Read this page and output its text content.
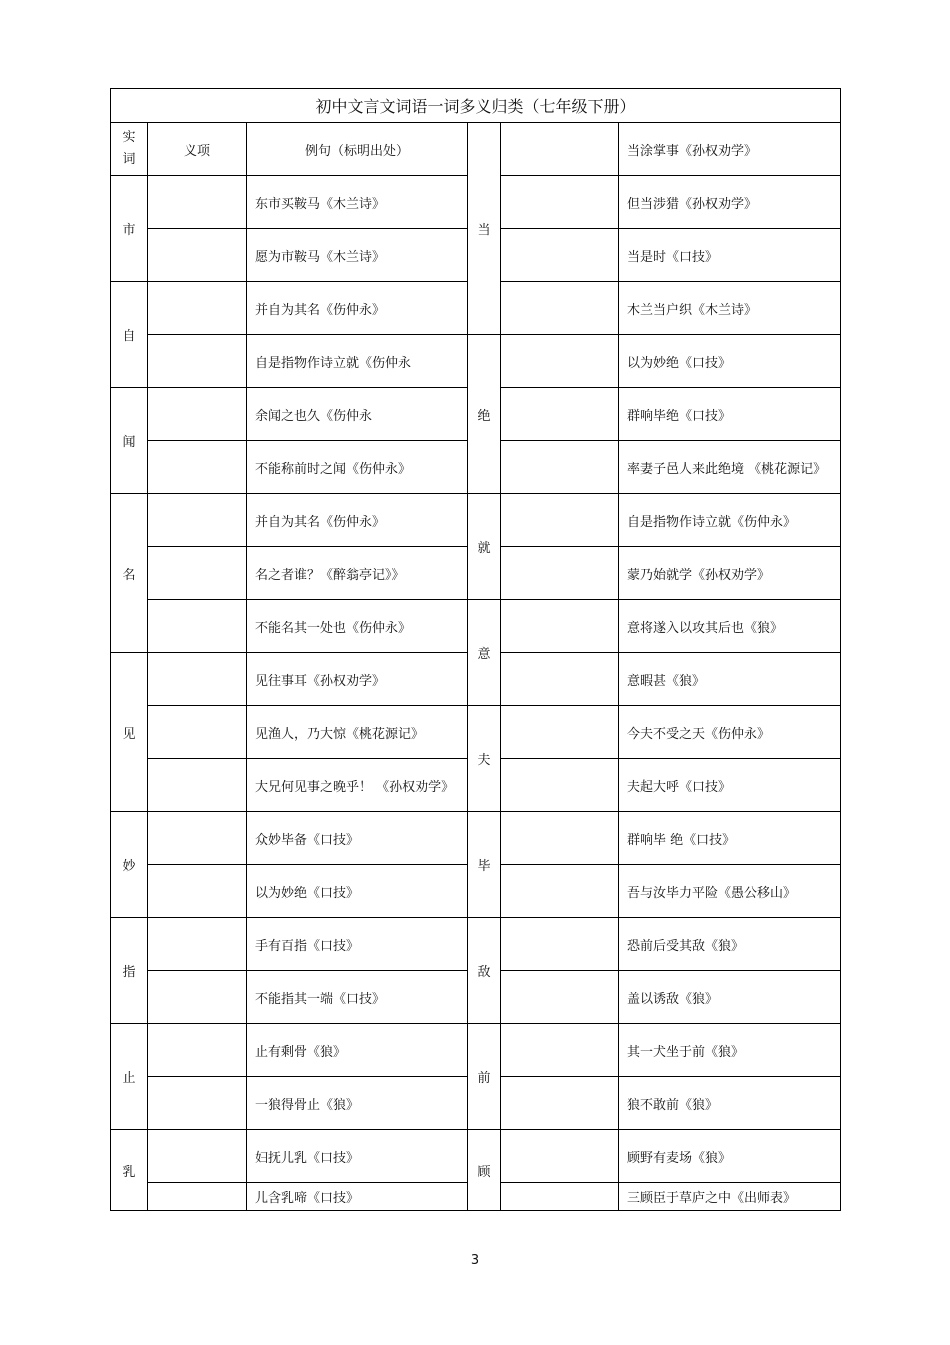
初中文言文词语一词多义归类（七年级下册）					

实
词	义项	例句（标明出处）	当		当涂掌事《孙权劝学》
市		东市买鞍马《木兰诗》			但当涉猎《孙权劝学》
		愿为市鞍马《木兰诗》			当是时《口技》
自		并自为其名《伤仲永》			木兰当户织《木兰诗》
		自是指物作诗立就《伤仲永	绝		以为妙绝《口技》
闻		余闻之也久《伤仲永			群响毕绝《口技》
		不能称前时之闻《伤仲永》			率妻子邑人来此绝境 《桃花源记》
名		并自为其名《伤仲永》	就		自是指物作诗立就《伤仲永》
		名之者谁？《醉翁亭记》》			蒙乃始就学《孙权劝学》
		不能名其一处也《伤仲永》	意		意将遂入以攻其后也《狼》
见		见往事耳《孙权劝学》			意暇甚《狼》
		见渔人，乃大惊《桃花源记》	夫		今夫不受之天《伤仲永》
		大兄何见事之晚乎！ 《孙权劝学》			夫起大呼《口技》
妙		众妙毕备《口技》	毕		群响毕 绝《口技》
		以为妙绝《口技》			吾与汝毕力平险《愚公移山》
指		手有百指《口技》	敌		恐前后受其敌《狼》
		不能指其一端《口技》			盖以诱敌《狼》
止		止有剩骨《狼》	前		其一犬坐于前《狼》
		一狼得骨止《狼》			狼不敢前《狼》
乳		妇抚儿乳《口技》	顾		顾野有麦场《狼》
		儿含乳啼《口技》			三顾臣于草庐之中《出师表》
3
